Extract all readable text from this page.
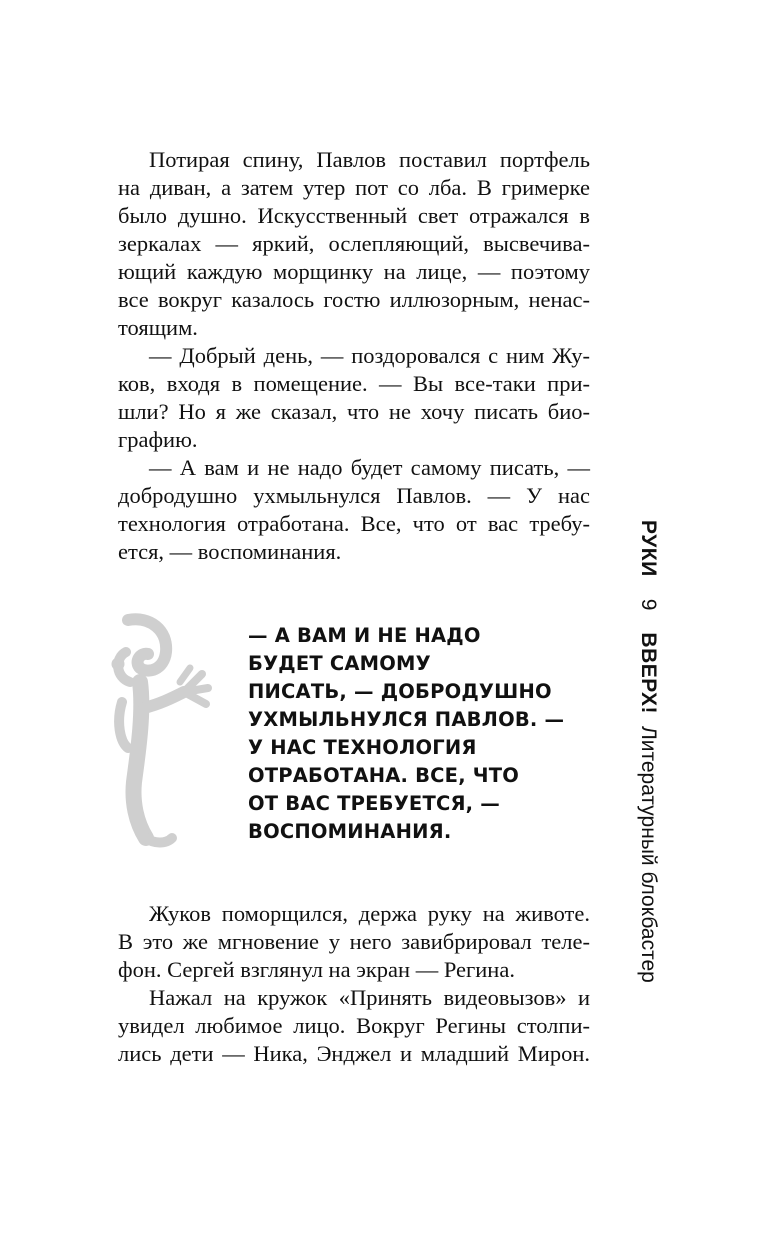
Потирая спину, Павлов поставил портфель
на диван, а затем утер пот со лба. В гримерке
было душно. Искусственный свет отражался в
зеркалах — яркий, ослепляющий, высвечива-
ющий каждую морщинку на лице, — поэтому
все вокруг казалось гостю иллюзорным, ненас-
тоящим.
— Добрый день, — поздоровался с ним Жу-
ков, входя в помещение. — Вы все-таки при-
шли? Но я же сказал, что не хочу писать био-
графию.
— А вам и не надо будет самому писать, —
добродушно ухмыльнулся Павлов. — У нас
технология отработана. Все, что от вас требу-
ется, — воспоминания.
— А ВАМ И НЕ НАДО
БУДЕТ САМОМУ
ПИСАТЬ, — ДОБРОДУШНО
УХМЫЛЬНУЛСЯ ПАВЛОВ. —
У НАС ТЕХНОЛОГИЯ
ОТРАБОТАНА. ВСЕ, ЧТО
ОТ ВАС ТРЕБУЕТСЯ, —
ВОСПОМИНАНИЯ.
Жуков поморщился, держа руку на животе.
В это же мгновение у него завибрировал теле-
фон. Сергей взглянул на экран — Регина.
Нажал на кружок «Принять видеовызов» и
увидел любимое лицо. Вокруг Регины столпи-
лись дети — Ника, Энджел и младший Мирон.
РУКИ9ВВЕРХ!Литературный блокбастер
